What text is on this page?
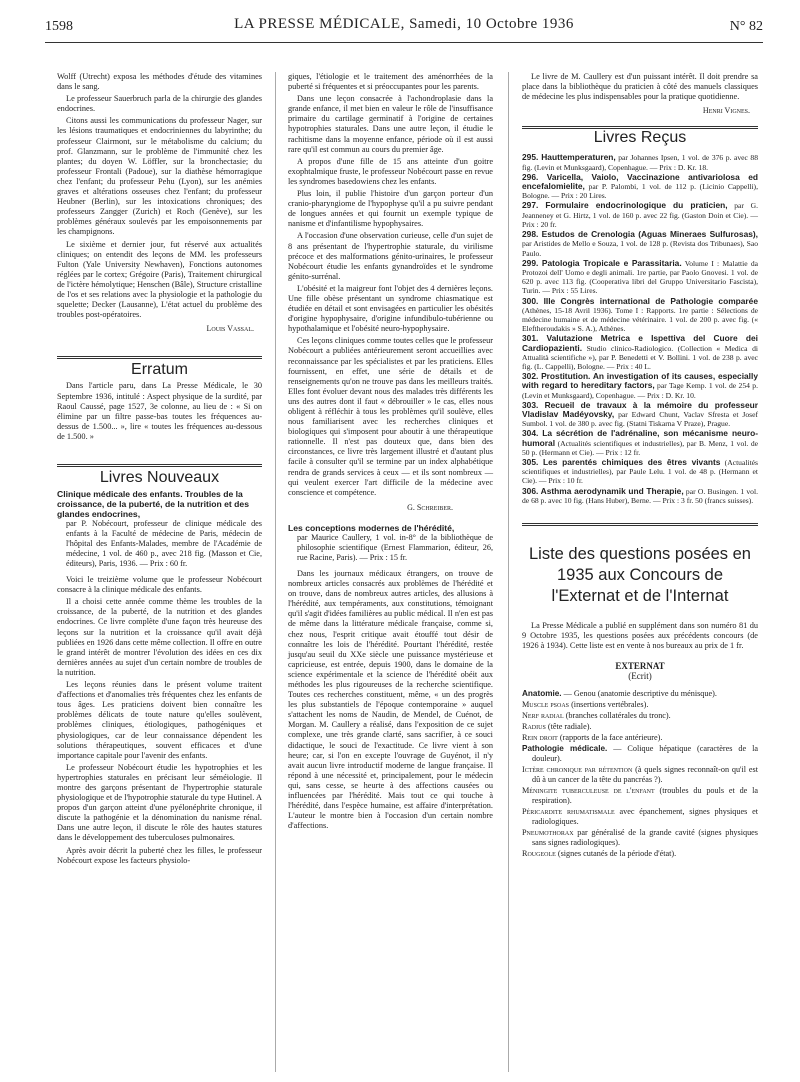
1598	LA PRESSE MÉDICALE, Samedi, 10 Octobre 1936	N° 82

Wolff (Utrecht) exposa les méthodes d'étude des vitamines dans le sang.

Le professeur Sauerbruch parla de la chirurgie des glandes endocrines.

Citons aussi les communications du professeur Nager, sur les lésions traumatiques et endocriniennes du labyrinthe; du professeur Clairmont, sur le métabolisme du calcium; du prof. Glanzmann, sur le problème de l'immunité chez les plantes; du doyen W. Löffler, sur la bronchectasie; du professeur Frontali (Padoue), sur la diathèse hémorragique chez l'enfant; du professeur Pehu (Lyon), sur les anémies graves et altérations osseuses chez l'enfant; du professeur Heubner (Berlin), sur les intoxications chroniques; des professeurs Zangger (Zurich) et Roch (Genève), sur les problèmes généraux soulevés par les empoisonnements par les champignons.

Le sixième et dernier jour, fut réservé aux actualités cliniques; on entendit des leçons de MM. les professeurs Fulton (Yale University Newhaven), Fonctions autonomes réglées par le cortex; Grégoire (Paris), Traitement chirurgical de l'ictère hémolytique; Henschen (Bâle), Structure cristalline de l'os et ses relations avec la physiologie et la pathologie du squelette; Decker (Lausanne), L'état actuel du problème des troubles post-opératoires.

Louis Vassal.
Erratum

Dans l'article paru, dans La Presse Médicale, le 30 Septembre 1936, intitulé : Aspect physique de la surdité, par Raoul Caussé, page 1527, 3e colonne, au lieu de : « Si on élimine par un filtre passe-bas toutes les fréquences au-dessus de 1.500... », lire « toutes les fréquences au-dessous de 1.500. »

Livres Nouveaux
Clinique médicale des enfants. Troubles de la croissance, de la puberté, de la nutrition et des glandes endocrines,

par P. Nobécourt, professeur de clinique médicale des enfants à la Faculté de médecine de Paris, médecin de l'hôpital des Enfants-Malades, membre de l'Académie de médecine, 1 vol. de 460 p., avec 218 fig. (Masson et Cie, éditeurs), Paris, 1936. — Prix : 60 fr.

Voici le treizième volume que le professeur Nobécourt consacre à la clinique médicale des enfants.

Il a choisi cette année comme thème les troubles de la croissance, de la puberté, de la nutrition et des glandes endocrines. Ce livre complète d'une façon très heureuse des leçons sur la nutrition et la croissance qu'il avait déjà publiées en 1926 dans cette même collection. Il offre en outre le grand intérêt de montrer l'évolution des idées en ces dix dernières années au sujet d'un certain nombre de troubles de la nutrition.

Les leçons réunies dans le présent volume traitent d'affections et d'anomalies très fréquentes chez les enfants de tous âges. Les praticiens doivent bien connaître les problèmes délicats de toute nature qu'elles soulèvent, problèmes cliniques, étiologiques, pathogéniques et physiologiques, car de leur connaissance dépendent les solutions thérapeutiques, souvent efficaces et d'une importance capitale pour l'avenir des enfants.

Le professeur Nobécourt étudie les hypotrophies et les hypertrophies staturales en précisant leur séméiologie. Il montre des garçons présentant de l'hypertrophie staturale physiologique et de l'hypotrophie staturale du type Hutinel. A propos d'un garçon atteint d'une pyélonéphrite chronique, il discute la pathogénie et la dénomination du nanisme rénal. Dans une autre leçon, il discute le rôle des hautes statures dans le développement des tuberculoses pulmonaires.

Après avoir décrit la puberté chez les filles, le professeur Nobécourt expose les facteurs physiolo-

giques, l'étiologie et le traitement des aménorrhées de la puberté si fréquentes et si préoccupantes pour les parents.

Dans une leçon consacrée à l'achondroplasie dans la grande enfance, il met bien en valeur le rôle de l'insuffisance primaire du cartilage germinatif à l'origine de certaines hypotrophies staturales. Dans une autre leçon, il étudie le rachitisme dans la moyenne enfance, période où il est aussi rare qu'il est commun au cours du premier âge.

A propos d'une fille de 15 ans atteinte d'un goitre exophtalmique fruste, le professeur Nobécourt passe en revue les syndromes basedowiens chez les enfants.

Plus loin, il publie l'histoire d'un garçon porteur d'un cranio-pharyngiome de l'hypophyse qu'il a pu suivre pendant de longues années et qui fournit un exemple typique de nanisme et d'infantilisme hypophysaires.

A l'occasion d'une observation curieuse, celle d'un sujet de 8 ans présentant de l'hypertrophie staturale, du virilisme précoce et des malformations génito-urinaires, le professeur Nobécourt étudie les enfants gynandroïdes et le syndrome génito-surrénal.

L'obésité et la maigreur font l'objet des 4 dernières leçons. Une fille obèse présentant un syndrome chiasmatique est étudiée en détail et sont envisagées en particulier les obésités d'origine hypophysaire, d'origine infundibulo-tubérienne ou hypothalamique et l'obésité neuro-hypophysaire.

Ces leçons cliniques comme toutes celles que le professeur Nobécourt a publiées antérieurement seront accueillies avec reconnaissance par les spécialistes et par les praticiens. Elles fournissent, en effet, une série de détails et de renseignements qu'on ne trouve pas dans les meilleurs traités. Elles font évoluer devant nous des malades très différents les uns des autres dont il faut « débrouiller » le cas, elles nous obligent à réfléchir à tous les problèmes qu'il soulève, elles nous familiarisent avec les recherches cliniques et biologiques qui s'imposent pour aboutir à une thérapeutique rationnelle. Il n'est pas douteux que, dans bien des circonstances, ce livre très largement illustré et d'autant plus facile à consulter qu'il se termine par un index alphabétique rendra de grands services à ceux — et ils sont nombreux — qui veulent exercer l'art difficile de la médecine avec conscience et compétence.

G. Schreiber.
Les conceptions modernes de l'hérédité,

par Maurice Caullery, 1 vol. in-8° de la bibliothèque de philosophie scientifique (Ernest Flammarion, éditeur, 26, rue Racine, Paris). — Prix : 15 fr.

Dans les journaux médicaux étrangers, on trouve de nombreux articles consacrés aux problèmes de l'hérédité et on trouve, dans de nombreux autres articles, des allusions à l'hérédité, aux tempéraments, aux constitutions, témoignant qu'il s'agit d'idées familières au public médical. Il n'en est pas de même dans la littérature médicale française, comme si, chez nous, l'esprit critique avait étouffé tout désir de connaître les lois de l'hérédité. Pourtant l'hérédité, restée jusqu'au seuil du XXe siècle une puissance mystérieuse et capricieuse, est entrée, depuis 1900, dans le domaine de la science expérimentale et la science de l'hérédité obéit aux méthodes les plus rigoureuses de la recherche scientifique. Toutes ces recherches constituent, même, « un des progrès les plus substantiels de l'époque contemporaine » auquel s'attachent les noms de Naudin, de Mendel, de Cuénot, de Morgan. M. Caullery a réalisé, dans l'exposition de ce sujet complexe, une très grande clarté, sans sacrifier, à ce souci didactique, le souci de l'exactitude. Ce livre vient à son heure; car, si l'on en excepte l'ouvrage de Guyénot, il n'y avait aucun livre introductif moderne de langue française. Il répond à une nécessité et, principalement, pour le médecin qui, sans cesse, se heurte à des affections causées ou influencées par l'hérédité. Mais tout ce qui touche à l'hérédité, dans l'espèce humaine, est affaire d'interprétation. L'auteur le montre bien à l'occasion d'un certain nombre d'affections.

Le livre de M. Caullery est d'un puissant intérêt. Il doit prendre sa place dans la bibliothèque du praticien à côté des manuels classiques de médecine les plus indispensables pour la pratique quotidienne.

Henri Vignes.
Livres Reçus

295. Hauttemperaturen, par Johannes Ipsen, 1 vol. de 376 p. avec 88 fig. (Levin et Munksgaard), Copenhague. — Prix : D. Kr. 18.

296. Varicella, Vaiolo, Vaccinazione antivariolosa ed encefalomielite, par P. Palombi, 1 vol. de 112 p. (Licinio Cappelli), Bologne. — Prix : 20 Lires.

297. Formulaire endocrinologique du praticien, par G. Jeanneney et G. Hirtz, 1 vol. de 160 p. avec 22 fig. (Gaston Doin et Cie). — Prix : 20 fr.

298. Estudos de Crenologia (Aguas Mineraes Sulfurosas), par Aristides de Mello e Souza, 1 vol. de 128 p. (Revista dos Tribunaes), Sao Paulo.

299. Patologia Tropicale e Parassitaria. Volume I : Malattie da Protozoi dell' Uomo e degli animali. 1re partie, par Paolo Gnovesi. 1 vol. de 620 p. avec 113 fig. (Cooperativa libri del Gruppo Universitario Fascista), Turin. — Prix : 55 Lires.

300. IIIe Congrès international de Pathologie comparée (Athènes, 15-18 Avril 1936). Tome I : Rapports. 1re partie : Sélections de médecine humaine et de médecine vétérinaire. 1 vol. de 200 p. avec fig. (« Eleftheroudakis » S. A.), Athènes.

301. Valutazione Metrica e Ispettiva del Cuore dei Cardiopazienti. Studio clinico-Radiologico. (Collection « Medica di Attualità scientifiche »), par P. Benedetti et V. Bollini. 1 vol. de 238 p. avec fig. (L. Cappelli), Bologne. — Prix : 40 L.

302. Prostitution. An investigation of its causes, especially with regard to hereditary factors, par Tage Kemp. 1 vol. de 254 p. (Levin et Munksgaard), Copenhague. — Prix : D. Kr. 10.

303. Recueil de travaux à la mémoire du professeur Vladislav Madéyovsky, par Edward Chunt, Vaclav Sfresta et Josef Sumbol. 1 vol. de 380 p. avec fig. (Statni Tiskarna V Praze), Prague.

304. La sécrétion de l'adrénaline, son mécanisme neuro-humoral (Actualités scientifiques et industrielles), par B. Menz, 1 vol. de 50 p. (Hermann et Cie). — Prix : 12 fr.

305. Les parentés chimiques des êtres vivants (Actualités scientifiques et industrielles), par Paule Lelu. 1 vol. de 48 p. (Hermann et Cie). — Prix : 10 fr.

306. Asthma aerodynamik und Therapie, par O. Busingen. 1 vol. de 68 p. avec 10 fig. (Hans Huber), Berne. — Prix : 3 fr. 50 (francs suisses).

Liste des questions posées en 1935 aux Concours de l'Externat et de l'Internat

La Presse Médicale a publié en supplément dans son numéro 81 du 9 Octobre 1935, les questions posées aux précédents concours (de 1926 à 1934). Cette liste est en vente à nos bureaux au prix de 1 fr.

EXTERNAT
(Ecrit)

Anatomie. — Genou (anatomie descriptive du ménisque).

Muscle psoas (insertions vertébrales).

Nerf radial (branches collatérales du tronc).

Radius (tête radiale).

Rein droit (rapports de la face antérieure).

Pathologie médicale. — Colique hépatique (caractères de la douleur).

Ictère chronique par rétention (à quels signes reconnaît-on qu'il est dû à un cancer de la tête du pancréas ?).

Méningite tuberculeuse de l'enfant (troubles du pouls et de la respiration).

Péricardite rhumatismale avec épanchement, signes physiques et radiologiques.

Pneumothorax par généralisé de la grande cavité (signes physiques sans signes radiologiques).

Rougeole (signes cutanés de la période d'état).
